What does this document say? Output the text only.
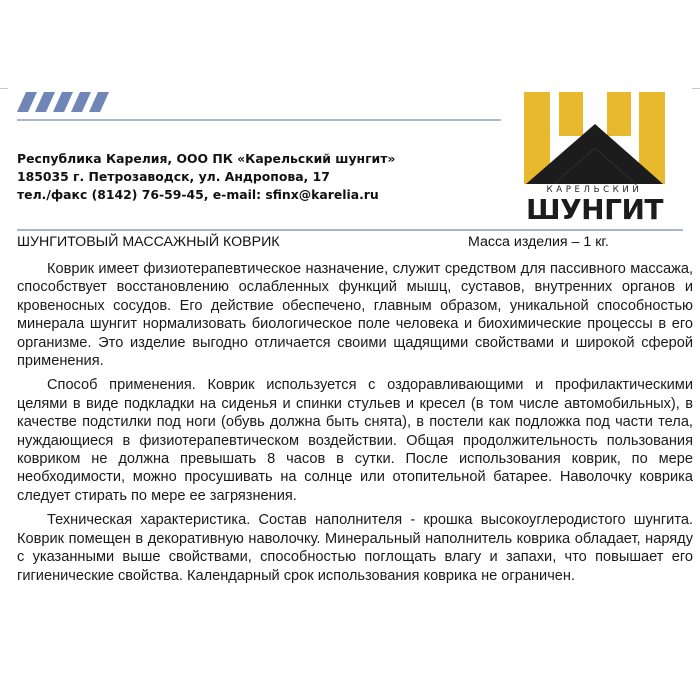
Республика Карелия, ООО ПК «Карельский шунгит»
185035 г. Петрозаводск, ул. Андропова, 17
тел./факс (8142) 76-59-45, e-mail: sfinx@karelia.ru	КАРЕЛЬСКИЙ
ШУНГИТ
ШУНГИТОВЫЙ МАССАЖНЫЙ КОВРИК	Масса изделия – 1 кг.

Коврик имеет физиотерапевтическое назначение, служит средством для пассивного массажа, способствует восстановлению ослабленных функций мышц, суставов, внутренних органов и кровеносных сосудов. Его действие обеспечено, главным образом, уникальной способностью минерала шунгит нормализовать биологическое поле человека и биохимические процессы в его организме. Это изделие выгодно отличается своими щадящими свойствами и широкой сферой применения.

Способ применения. Коврик используется с оздоравливающими и профилактическими целями в виде подкладки на сиденья и спинки стульев и кресел (в том числе автомобильных), в качестве подстилки под ноги (обувь должна быть снята), в постели как подложка под части тела, нуждающиеся в физиотерапевтическом воздействии. Общая продолжительность пользования ковриком не должна превышать 8 часов в сутки. После использования коврик, по мере необходимости, можно просушивать на солнце или отопительной батарее. Наволочку коврика следует стирать по мере ее загрязнения.

Техническая характеристика. Состав наполнителя - крошка высокоуглеродистого шунгита. Коврик помещен в декоративную наволочку. Минеральный наполнитель коврика обладает, наряду с указанными выше свойствами, способностью поглощать влагу и запахи, что повышает его гигиенические свойства. Календарный срок использования коврика не ограничен.
